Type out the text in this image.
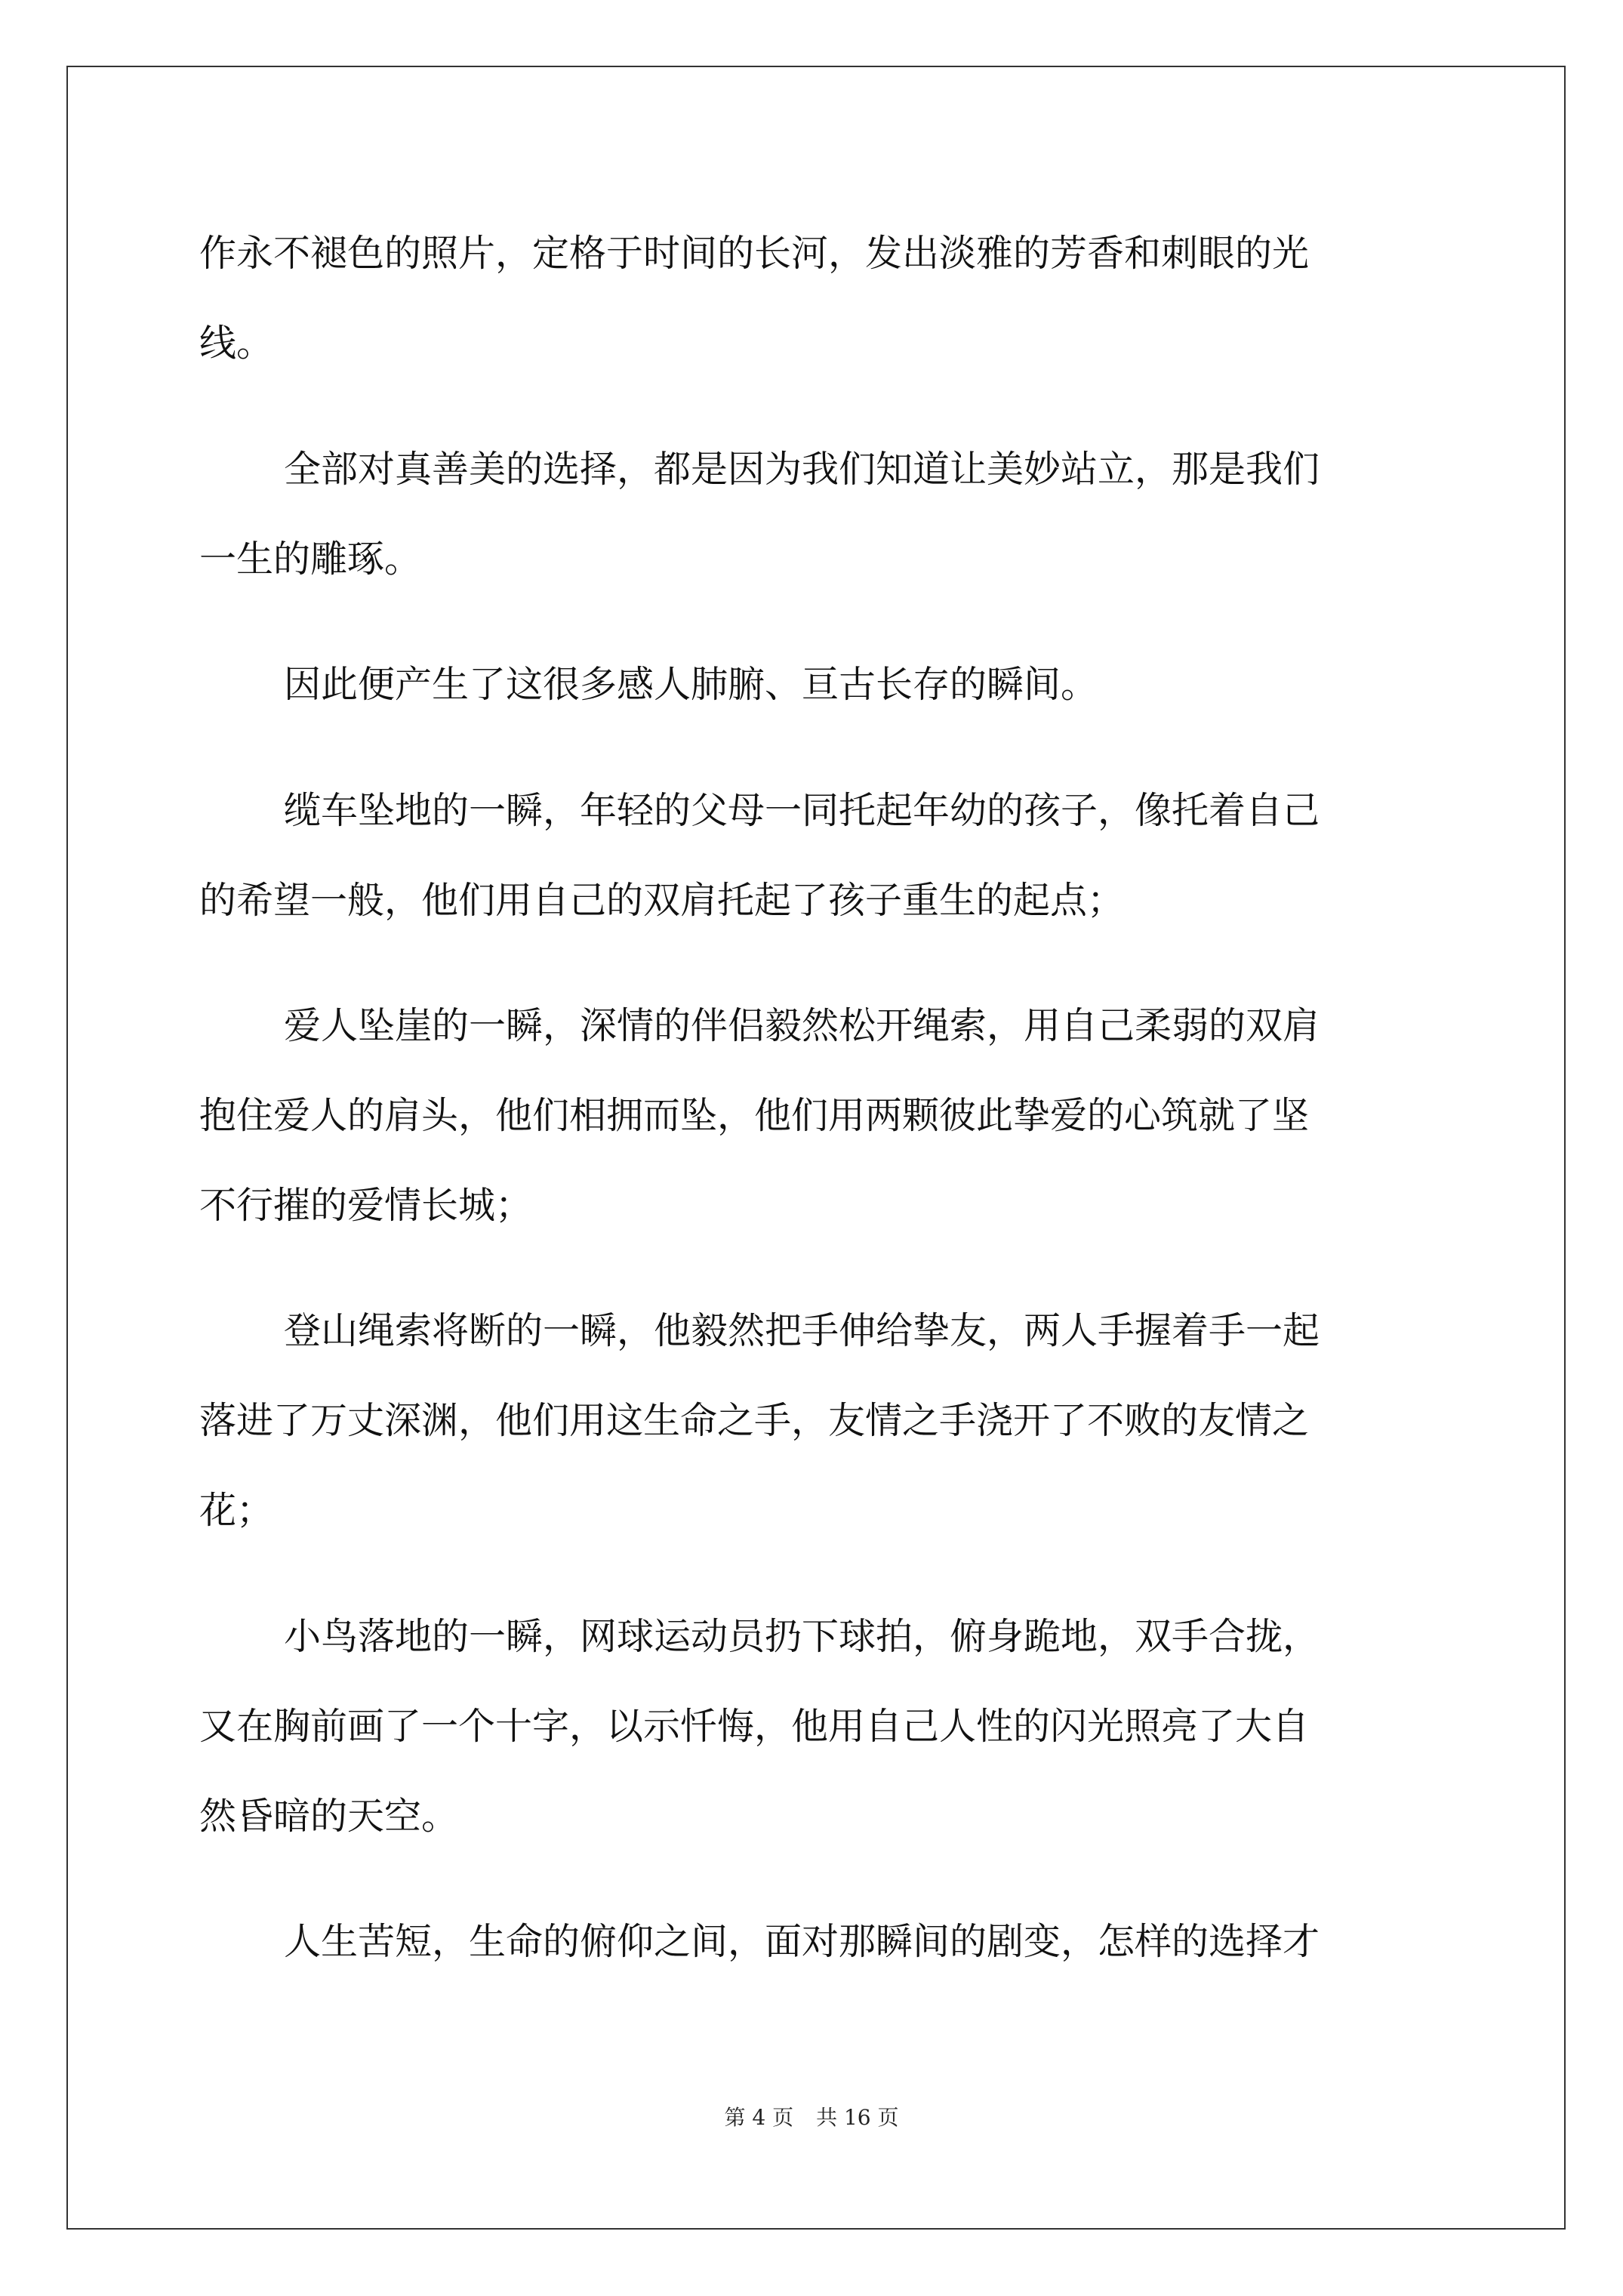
作永不褪色的照片，定格于时间的长河，发出淡雅的芳香和刺眼的光
线。
全部对真善美的选择，都是因为我们知道让美妙站立，那是我们
一生的雕琢。
因此便产生了这很多感人肺腑、亘古长存的瞬间。
缆车坠地的一瞬，年轻的父母一同托起年幼的孩子，像托着自己
的希望一般，他们用自己的双肩托起了孩子重生的起点；
爱人坠崖的一瞬，深情的伴侣毅然松开绳索，用自己柔弱的双肩
抱住爱人的肩头，他们相拥而坠，他们用两颗彼此挚爱的心筑就了坚
不行摧的爱情长城；
登山绳索将断的一瞬，他毅然把手伸给挚友，两人手握着手一起
落进了万丈深渊，他们用这生命之手，友情之手浇开了不败的友情之
花；
小鸟落地的一瞬，网球运动员扔下球拍，俯身跪地，双手合拢，
又在胸前画了一个十字，以示忏悔，他用自己人性的闪光照亮了大自
然昏暗的天空。
人生苦短，生命的俯仰之间，面对那瞬间的剧变，怎样的选择才
第 4 页 共 16 页
